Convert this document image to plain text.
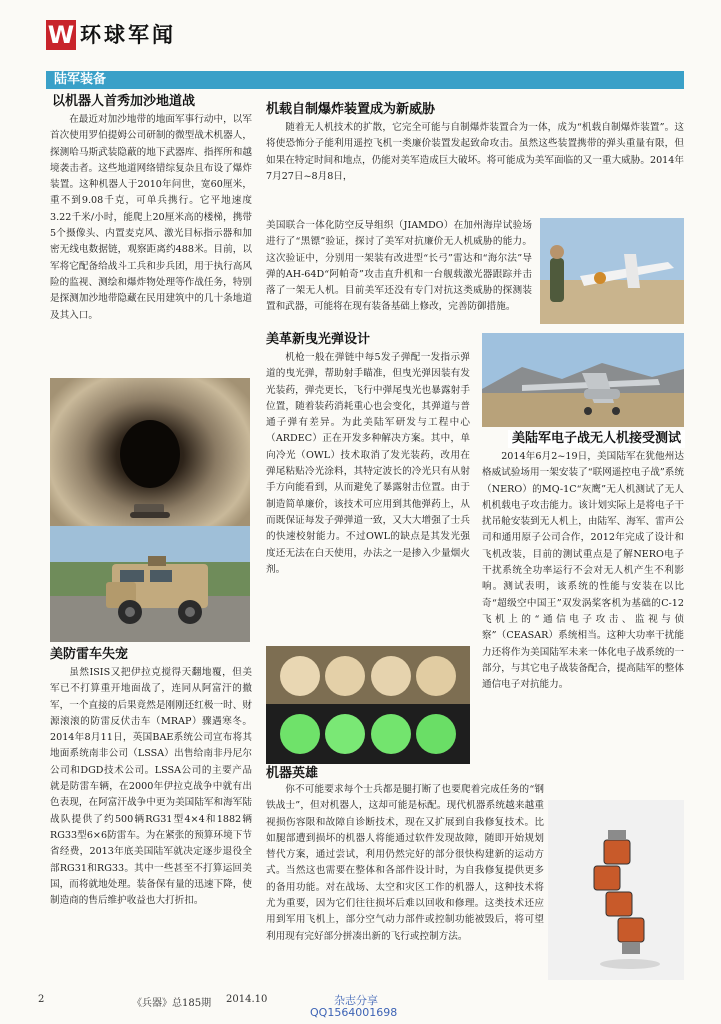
W 环球军闻
陆军装备
以机器人首秀加沙地道战
在最近对加沙地带的地面军事行动中，以军首次使用罗伯提姆公司研制的微型战术机器人，探测哈马斯武装隐蔽的地下武器库、指挥所和越境袭击者。这些地道网络错综复杂且布设了爆炸装置。这种机器人于2010年问世，宽60厘米，重不到9.08千克，可单兵携行。它平地速度3.22千米/小时，能爬上20厘米高的楼梯，携带5个摄像头、内置麦克风、激光目标指示器和加密无线电数据链，观察距离约488米。目前，以军将它配备给战斗工兵和步兵团，用于执行高风险的监视、测绘和爆炸物处理等作战任务，特别是探测加沙地带隐藏在民用建筑中的几十条地道及其入口。
美防雷车失宠
虽然ISIS又把伊拉克搅得天翻地覆，但美军已不打算重开地面战了，连同从阿富汗的撤军，一个直接的后果竟然是刚刚还红极一时、财源滚滚的防雷反伏击车（MRAP）骤遇寒冬。2014年8月11日，英国BAE系统公司宣布将其地面系统南非公司（LSSA）出售给南非丹尼尔公司和DGD技术公司。LSSA公司的主要产品就是防雷车辆，在2000年伊拉克战争中就有出色表现，在阿富汗战争中更为美国陆军和海军陆战队提供了约500辆RG31型4×4和1882辆RG33型6×6防雷车。为在紧张的预算环境下节省经费，2013年底美国陆军就决定逐步退役全部RG31和RG33。其中一些甚至不打算运回美国，而将就地处理。装备保有量的迅速下降，使制造商的售后维护收益也大打折扣。
机载自制爆炸装置成为新威胁
随着无人机技术的扩散，它完全可能与自制爆炸装置合为一体，成为“机载自制爆炸装置”。这将使恐怖分子能利用遥控飞机一类廉价装置发起致命攻击。虽然这些装置携带的弹头重量有限，但如果在特定时间和地点，仍能对美军造成巨大破坏。将可能成为美军面临的又一重大威胁。2014年7月27日~8月8日，
美国联合一体化防空反导组织（JIAMDO）在加州海岸试验场进行了“黑镖”验证，探讨了美军对抗廉价无人机威胁的能力。这次验证中，分别用一架装有改进型“长弓”雷达和“海尔法”导弹的AH-64D“阿帕奇”攻击直升机和一台舰载激光器跟踪并击落了一架无人机。目前美军还没有专门对抗这类威胁的探测装置和武器，可能将在现有装备基础上修改，完善防御措施。
美革新曳光弹设计
机枪一般在弹链中每5发子弹配一发指示弹道的曳光弹，帮助射手瞄准，但曳光弹因装有发光装药，弹壳更长，飞行中弹尾曳光也暴露射手位置，随着装药消耗重心也会变化，其弹道与普通子弹有差异。为此美陆军研发与工程中心（ARDEC）正在开发多种解决方案。其中，单向冷光（OWL）技术取消了发光装药，改用在弹尾粘贴冷光涂料，其特定波长的冷光只有从射手方向能看到，从而避免了暴露射击位置。由于制造简单廉价，该技术可应用到其他弹药上，从而既保证每发子弹弹道一致，又大大增强了士兵的快速校射能力。不过OWL的缺点是其发光强度还无法在白天使用，办法之一是掺入少量烟火剂。
美陆军电子战无人机接受测试
2014年6月2~19日，美国陆军在犹他州达格威试验场用一架安装了“联网遥控电子战”系统（NERO）的MQ-1C“灰鹰”无人机测试了无人机机载电子攻击能力。该计划实际上是将电子干扰吊舱安装到无人机上，由陆军、海军、雷声公司和通用原子公司合作，2012年完成了设计和飞机改装，目前的测试重点是了解NERO电子干扰系统全功率运行不会对无人机产生不利影响。测试表明，该系统的性能与安装在以比奇“超级空中国王”双发涡桨客机为基础的C-12飞机上的“通信电子攻击、监视与侦察”（CEASAR）系统相当。这种大功率干扰能力还将作为美国陆军未来一体化电子战系统的一部分，与其它电子战装备配合，提高陆军的整体通信电子对抗能力。
机器英雄
你不可能要求每个士兵都是腿打断了也要爬着完成任务的“钢铁战士”，但对机器人，这却可能是标配。现代机器系统越来越重视损伤容限和故障自诊断技术，现在又扩展到自我修复技术。比如腿部遭到损坏的机器人将能通过软件发现故障，随即开始规划替代方案，通过尝试，利用仍然完好的部分很快构建新的运动方式。当然这也需要在整体和各部件设计时，为自我修复提供更多的备用功能。对在战场、太空和灾区工作的机器人，这种技术将尤为重要，因为它们往往损坏后难以回收和修理。这类技术还应用到军用飞机上，部分空气动力部件或控制功能被毁后，将可望利用现有完好部分拼凑出新的飞行或控制方法。
2	《兵器》总185期 2014.10	杂志分享
QQ1564001698
